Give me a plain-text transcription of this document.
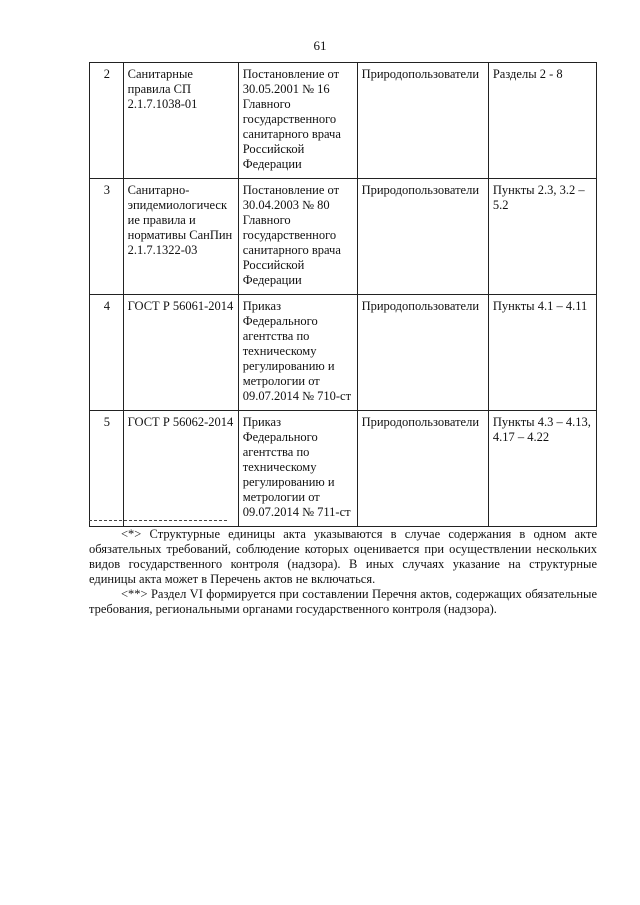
61
2	Санитарные правила СП 2.1.7.1038-01	Постановление от 30.05.2001 № 16 Главного государственного санитарного врача Российской Федерации	Природопользователи	Разделы 2 - 8
3	Санитарно-эпидемиологическ ие правила и нормативы СанПин 2.1.7.1322-03	Постановление от 30.04.2003 № 80 Главного государственного санитарного врача Российской Федерации	Природопользователи	Пункты 2.3, 3.2 – 5.2
4	ГОСТ Р 56061-2014	Приказ Федерального агентства по техническому регулированию и метрологии от 09.07.2014 № 710-ст	Природопользователи	Пункты 4.1 – 4.11
5	ГОСТ Р 56062-2014	Приказ Федерального агентства по техническому регулированию и метрологии от 09.07.2014 № 711-ст	Природопользователи	Пункты 4.3 – 4.13, 4.17 – 4.22

<*> Структурные единицы акта указываются в случае содержания в одном акте обязательных требований, соблюдение которых оценивается при осуществлении нескольких видов государственного контроля (надзора). В иных случаях указание на структурные единицы акта может в Перечень актов не включаться.

<**> Раздел VI формируется при составлении Перечня актов, содержащих обязательные требования, региональными органами государственного контроля (надзора).
